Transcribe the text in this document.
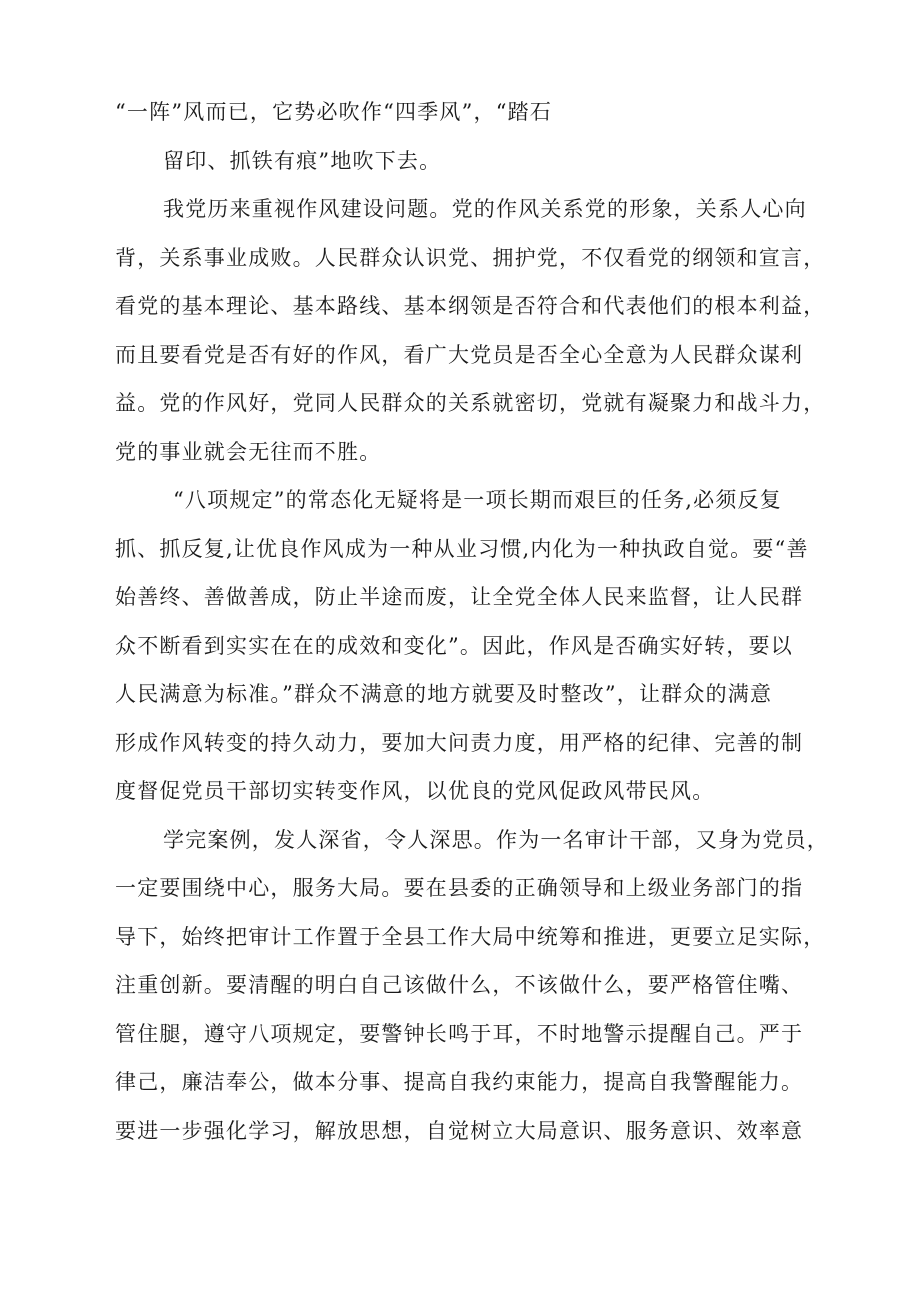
“一阵”风而已，它势必吹作“四季风”，“踏石
留印、抓铁有痕”地吹下去。
我党历来重视作风建设问题。党的作风关系党的形象，关系人心向
背，关系事业成败。人民群众认识党、拥护党，不仅看党的纲领和宣言，
看党的基本理论、基本路线、基本纲领是否符合和代表他们的根本利益，
而且要看党是否有好的作风，看广大党员是否全心全意为人民群众谋利
益。党的作风好，党同人民群众的关系就密切，党就有凝聚力和战斗力，
党的事业就会无往而不胜。
“八项规定”的常态化无疑将是一项长期而艰巨的任务,必须反复
抓、抓反复,让优良作风成为一种从业习惯,内化为一种执政自觉。要“善
始善终、善做善成，防止半途而废，让全党全体人民来监督，让人民群
众不断看到实实在在的成效和变化”。因此，作风是否确实好转，要以
人民满意为标准。”群众不满意的地方就要及时整改”，让群众的满意
形成作风转变的持久动力，要加大问责力度，用严格的纪律、完善的制
度督促党员干部切实转变作风，以优良的党风促政风带民风。
学完案例，发人深省，令人深思。作为一名审计干部，又身为党员，
一定要围绕中心，服务大局。要在县委的正确领导和上级业务部门的指
导下，始终把审计工作置于全县工作大局中统筹和推进，更要立足实际，
注重创新。要清醒的明白自己该做什么，不该做什么，要严格管住嘴、
管住腿，遵守八项规定，要警钟长鸣于耳，不时地警示提醒自己。严于
律己，廉洁奉公，做本分事、提高自我约束能力，提高自我警醒能力。
要进一步强化学习，解放思想，自觉树立大局意识、服务意识、效率意
